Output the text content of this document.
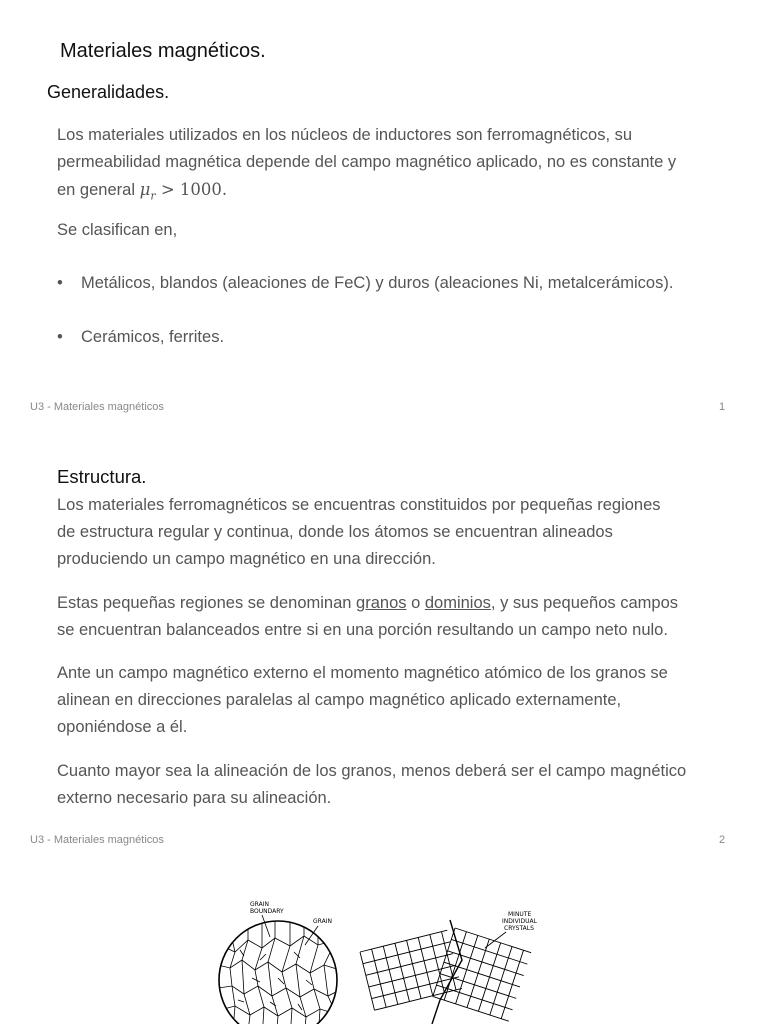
Materiales magnéticos.
Generalidades.
Los materiales utilizados en los núcleos de inductores son ferromagnéticos, su
permeabilidad magnética depende del campo magnético aplicado, no es constante y
en general $\mu_r > 1000$.
Se clasifican en,
• Metálicos, blandos (aleaciones de FeC) y duros (aleaciones Ni, metalcerámicos).
• Cerámicos, ferrites.
U3 - Materiales magnéticos	1
Estructura.
Los materiales ferromagnéticos se encuentras constituidos por pequeñas regiones
de estructura regular y continua, donde los átomos se encuentran alineados
produciendo un campo magnético en una dirección.
Estas pequeñas regiones se denominan granos o dominios, y sus pequeños campos
se encuentran balanceados entre si en una porción resultando un campo neto nulo.
Ante un campo magnético externo el momento magnético atómico de los granos se
alinean en direcciones paralelas al campo magnético aplicado externamente,
oponiéndose a él.
Cuanto mayor sea la alineación de los granos, menos deberá ser el campo magnético
externo necesario para su alineación.
U3 - Materiales magnéticos	2
GRAIN
BOUNDARY
GRAIN
MINUTE
INDIVIDUAL
CRYSTALS
